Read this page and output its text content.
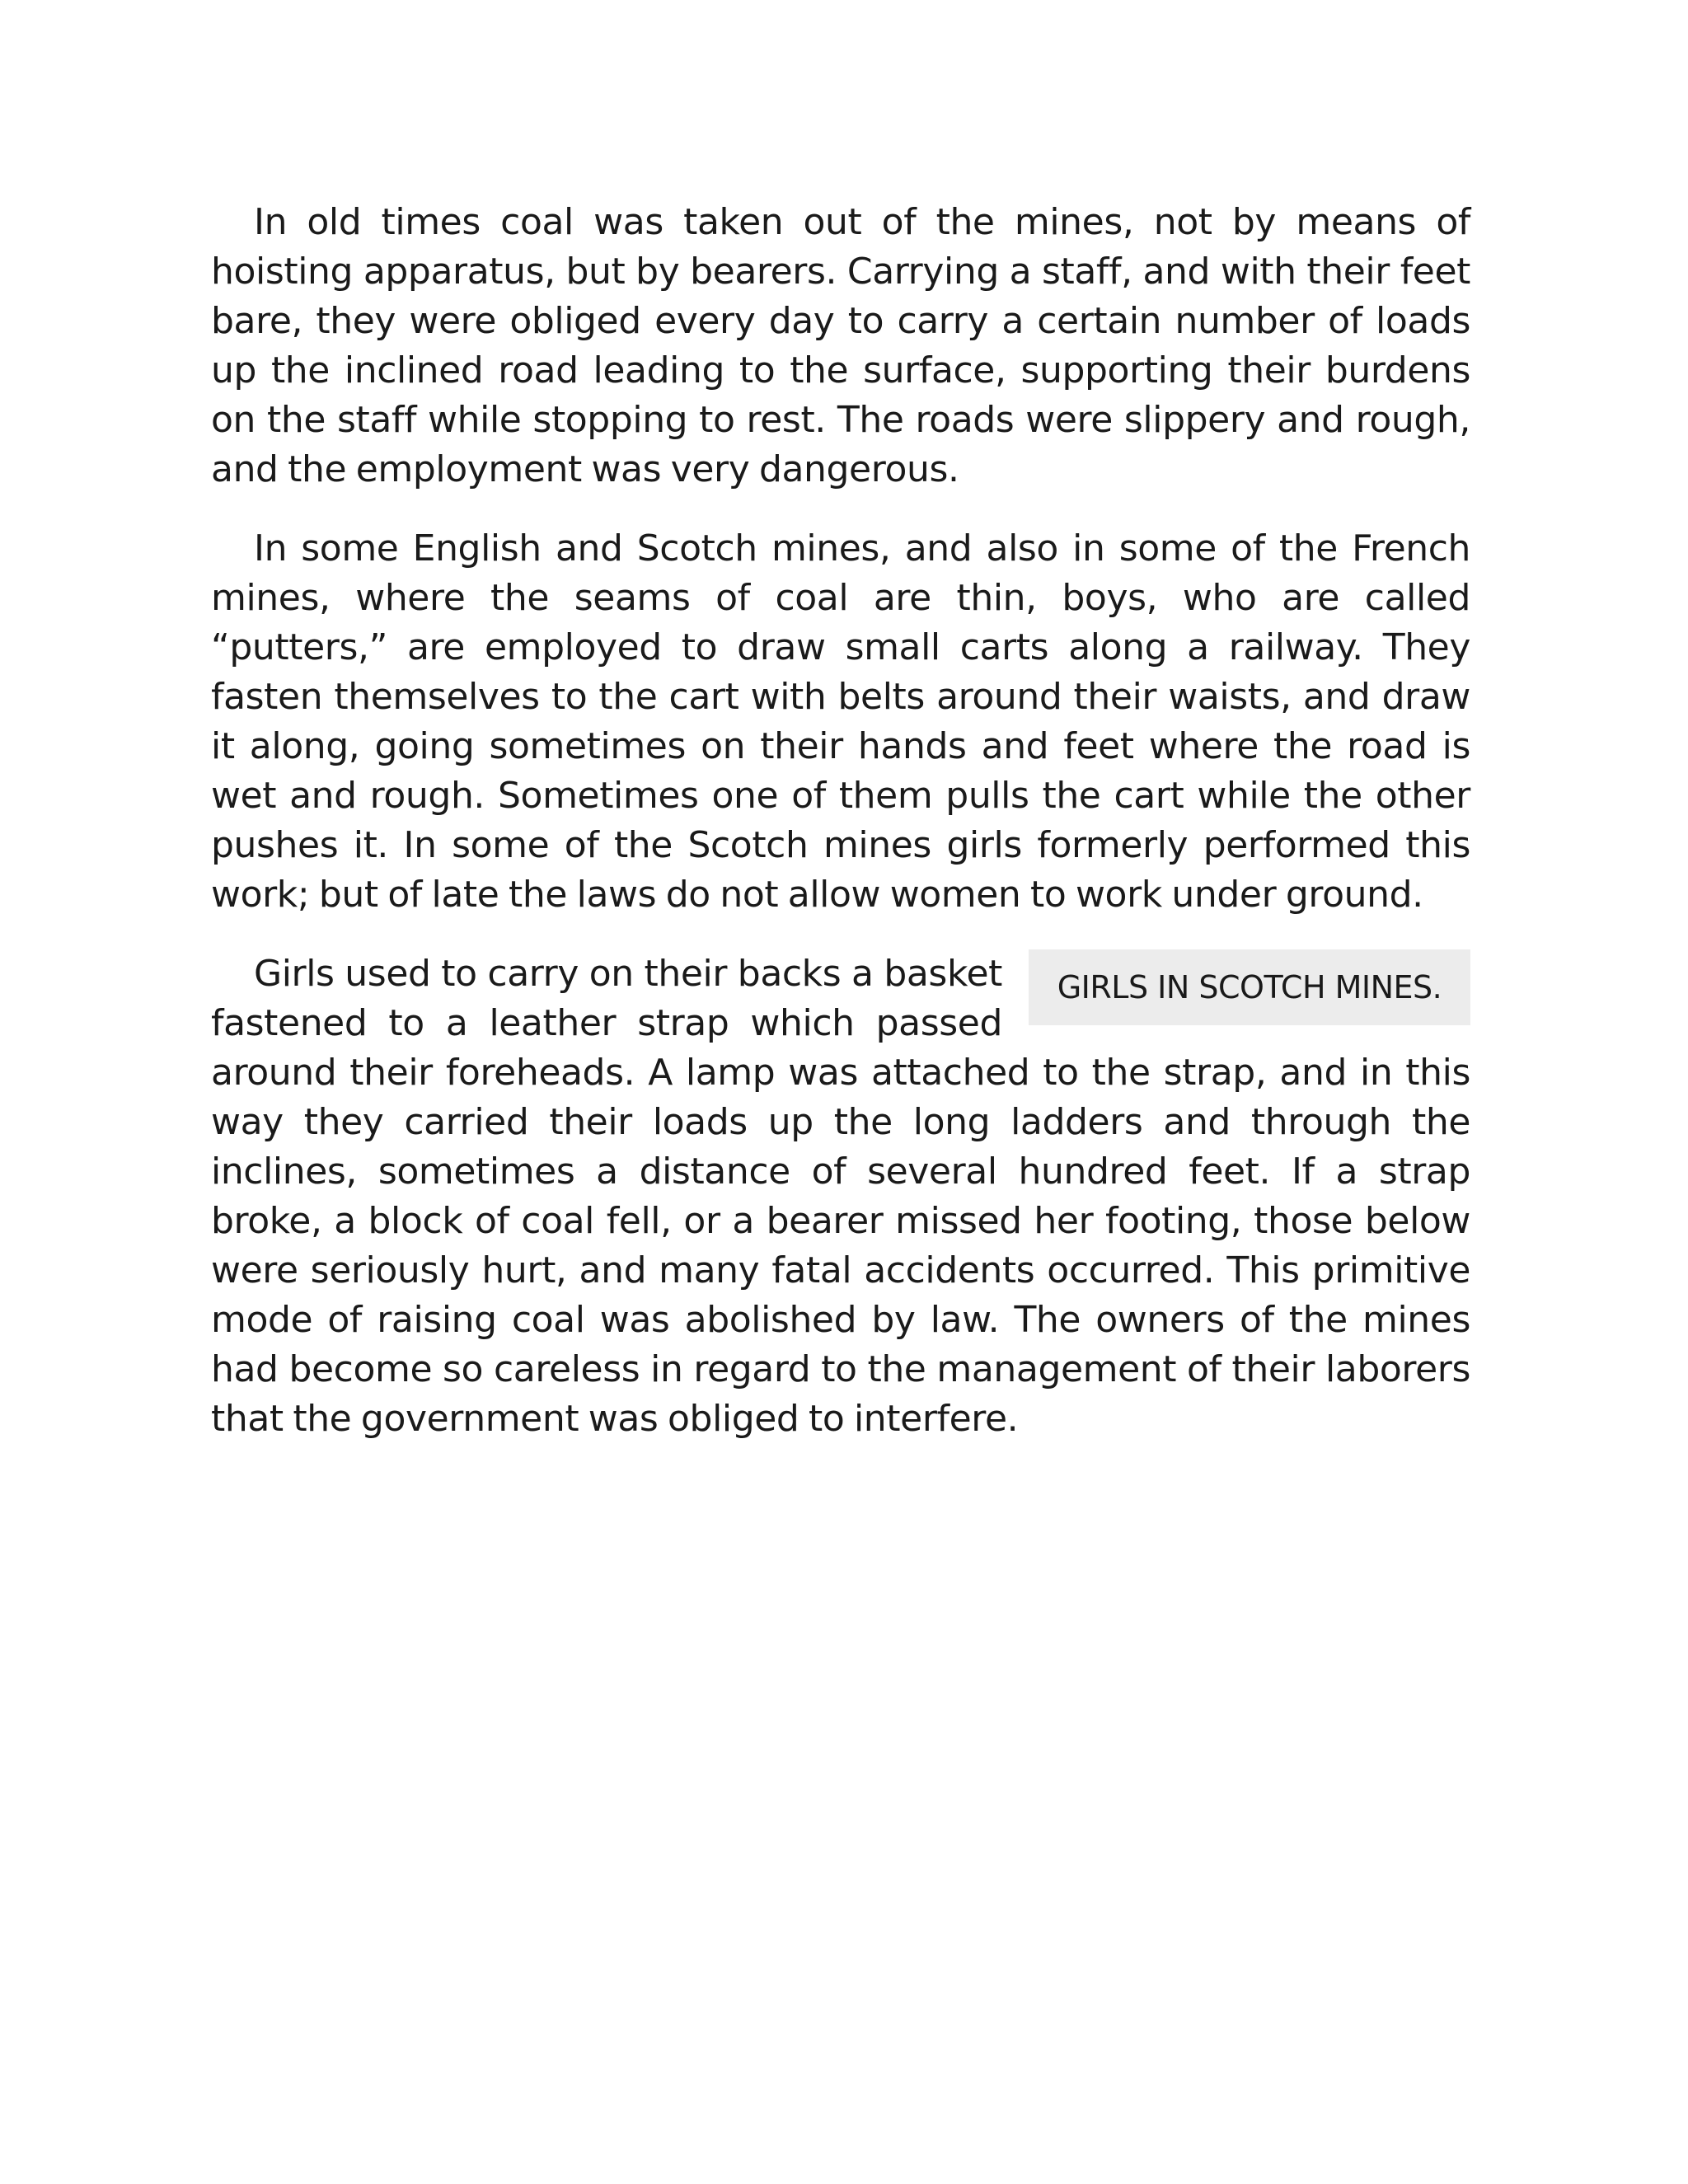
In old times coal was taken out of the mines, not by means of hoisting apparatus, but by bearers. Carrying a staff, and with their feet bare, they were obliged every day to carry a certain number of loads up the inclined road leading to the surface, supporting their burdens on the staff while stopping to rest. The roads were slippery and rough, and the employment was very dangerous.

In some English and Scotch mines, and also in some of the French mines, where the seams of coal are thin, boys, who are called “putters,” are employed to draw small carts along a railway. They fasten themselves to the cart with belts around their waists, and draw it along, going sometimes on their hands and feet where the road is wet and rough. Sometimes one of them pulls the cart while the other pushes it. In some of the Scotch mines girls formerly performed this work; but of late the laws do not allow women to work under ground.

GIRLS IN SCOTCH MINES.
Girls used to carry on their backs a basket fastened to a leather strap which passed around their foreheads. A lamp was attached to the strap, and in this way they carried their loads up the long ladders and through the inclines, sometimes a distance of several hundred feet. If a strap broke, a block of coal fell, or a bearer missed her footing, those below were seriously hurt, and many fatal accidents occurred. This primitive mode of raising coal was abolished by law. The owners of the mines had become so careless in regard to the management of their laborers that the government was obliged to interfere.
